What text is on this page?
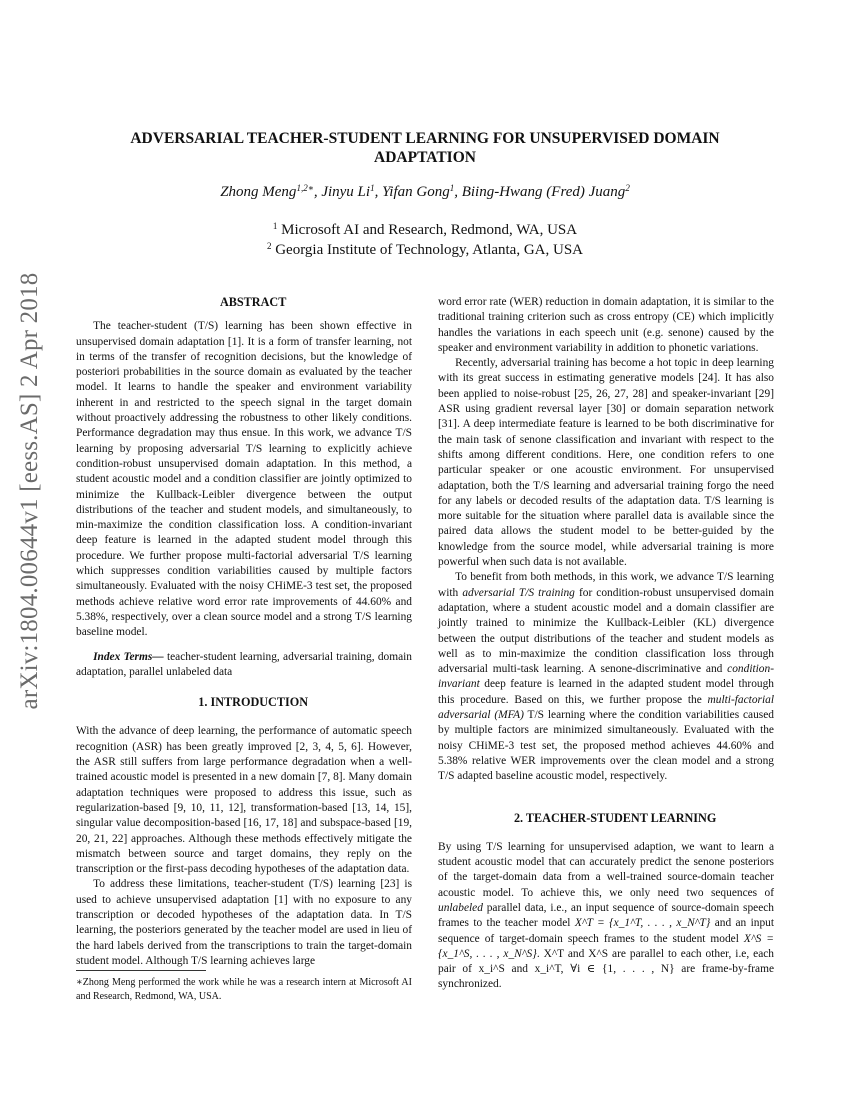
arXiv:1804.00644v1 [eess.AS] 2 Apr 2018
ADVERSARIAL TEACHER-STUDENT LEARNING FOR UNSUPERVISED DOMAIN
ADAPTATION

Zhong Meng$^{1,2∗}$, Jinyu Li$^1$, Yifan Gong$^1$, Biing-Hwang (Fred) Juang$^2$

$^1$ Microsoft AI and Research, Redmond, WA, USA
$^2$ Georgia Institute of Technology, Atlanta, GA, USA

ABSTRACT

The teacher-student (T/S) learning has been shown effective in unsupervised domain adaptation [1]. It is a form of transfer learning, not in terms of the transfer of recognition decisions, but the knowledge of posteriori probabilities in the source domain as evaluated by the teacher model. It learns to handle the speaker and environment variability inherent in and restricted to the speech signal in the target domain without proactively addressing the robustness to other likely conditions. Performance degradation may thus ensue. In this work, we advance T/S learning by proposing adversarial T/S learning to explicitly achieve condition-robust unsupervised domain adaptation. In this method, a student acoustic model and a condition classifier are jointly optimized to minimize the Kullback-Leibler divergence between the output distributions of the teacher and student models, and simultaneously, to min-maximize the condition classification loss. A condition-invariant deep feature is learned in the adapted student model through this procedure. We further propose multi-factorial adversarial T/S learning which suppresses condition variabilities caused by multiple factors simultaneously. Evaluated with the noisy CHiME-3 test set, the proposed methods achieve relative word error rate improvements of 44.60% and 5.38%, respectively, over a clean source model and a strong T/S learning baseline model.

Index Terms— teacher-student learning, adversarial training, domain adaptation, parallel unlabeled data

1. INTRODUCTION

With the advance of deep learning, the performance of automatic speech recognition (ASR) has been greatly improved [2, 3, 4, 5, 6]. However, the ASR still suffers from large performance degradation when a well-trained acoustic model is presented in a new domain [7, 8]. Many domain adaptation techniques were proposed to address this issue, such as regularization-based [9, 10, 11, 12], transformation-based [13, 14, 15], singular value decomposition-based [16, 17, 18] and subspace-based [19, 20, 21, 22] approaches. Although these methods effectively mitigate the mismatch between source and target domains, they reply on the transcription or the first-pass decoding hypotheses of the adaptation data.

To address these limitations, teacher-student (T/S) learning [23] is used to achieve unsupervised adaptation [1] with no exposure to any transcription or decoded hypotheses of the adaptation data. In T/S learning, the posteriors generated by the teacher model are used in lieu of the hard labels derived from the transcriptions to train the target-domain student model. Although T/S learning achieves large

word error rate (WER) reduction in domain adaptation, it is similar to the traditional training criterion such as cross entropy (CE) which implicitly handles the variations in each speech unit (e.g. senone) caused by the speaker and environment variability in addition to phonetic variations.

Recently, adversarial training has become a hot topic in deep learning with its great success in estimating generative models [24]. It has also been applied to noise-robust [25, 26, 27, 28] and speaker-invariant [29] ASR using gradient reversal layer [30] or domain separation network [31]. A deep intermediate feature is learned to be both discriminative for the main task of senone classification and invariant with respect to the shifts among different conditions. Here, one condition refers to one particular speaker or one acoustic environment. For unsupervised adaptation, both the T/S learning and adversarial training forgo the need for any labels or decoded results of the adaptation data. T/S learning is more suitable for the situation where parallel data is available since the paired data allows the student model to be better-guided by the knowledge from the source model, while adversarial training is more powerful when such data is not available.

To benefit from both methods, in this work, we advance T/S learning with adversarial T/S training for condition-robust unsupervised domain adaptation, where a student acoustic model and a domain classifier are jointly trained to minimize the Kullback-Leibler (KL) divergence between the output distributions of the teacher and student models as well as to min-maximize the condition classification loss through adversarial multi-task learning. A senone-discriminative and condition-invariant deep feature is learned in the adapted student model through this procedure. Based on this, we further propose the multi-factorial adversarial (MFA) T/S learning where the condition variabilities caused by multiple factors are minimized simultaneously. Evaluated with the noisy CHiME-3 test set, the proposed method achieves 44.60% and 5.38% relative WER improvements over the clean model and a strong T/S adapted baseline acoustic model, respectively.

2. TEACHER-STUDENT LEARNING

By using T/S learning for unsupervised adaption, we want to learn a student acoustic model that can accurately predict the senone posteriors of the target-domain data from a well-trained source-domain teacher acoustic model. To achieve this, we only need two sequences of unlabeled parallel data, i.e., an input sequence of source-domain speech frames to the teacher model X^T = {x_1^T, . . . , x_N^T} and an input sequence of target-domain speech frames to the student model X^S = {x_1^S, . . . , x_N^S}. X^T and X^S are parallel to each other, i.e, each pair of x_i^S and x_i^T, ∀i ∈ {1, . . . , N} are frame-by-frame synchronized.

∗Zhong Meng performed the work while he was a research intern at Microsoft AI and Research, Redmond, WA, USA.
